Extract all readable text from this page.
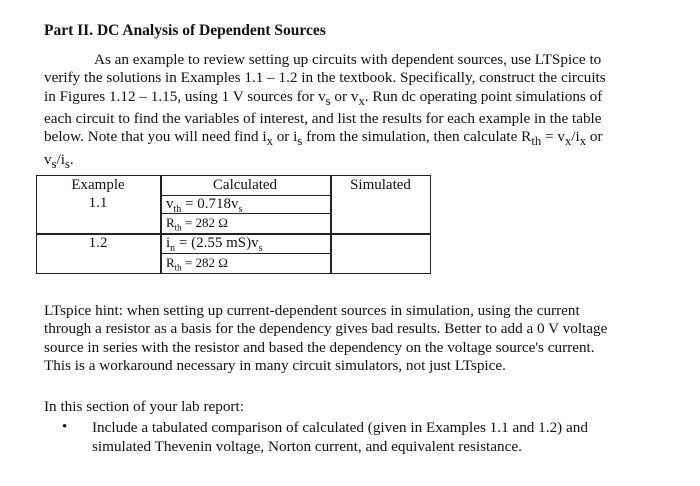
Part II. DC Analysis of Dependent Sources
As an example to review setting up circuits with dependent sources, use LTSpice to
verify the solutions in Examples 1.1 – 1.2 in the textbook. Specifically, construct the circuits
in Figures 1.12 – 1.15, using 1 V sources for $v_s$ or $v_x$. Run dc operating point simulations of
each circuit to find the variables of interest, and list the results for each example in the table
below. Note that you will need find $i_x$ or $i_s$ from the simulation, then calculate $R_{th} = v_x/i_x$ or
$v_s/i_s$.
Example	Calculated	Simulated
1.1	$v_{th} = 0.718v_s$
$R_{th} = 282$ Ω
1.2	$i_n = (2.55$ $mS)v_s$
$R_{th} = 282$ Ω
LTspice hint: when setting up current-dependent sources in simulation, using the current
through a resistor as a basis for the dependency gives bad results. Better to add a 0 V voltage
source in series with the resistor and based the dependency on the voltage source's current.
This is a workaround necessary in many circuit simulators, not just LTspice.
In this section of your lab report:
• Include a tabulated comparison of calculated (given in Examples 1.1 and 1.2) and
simulated Thevenin voltage, Norton current, and equivalent resistance.
